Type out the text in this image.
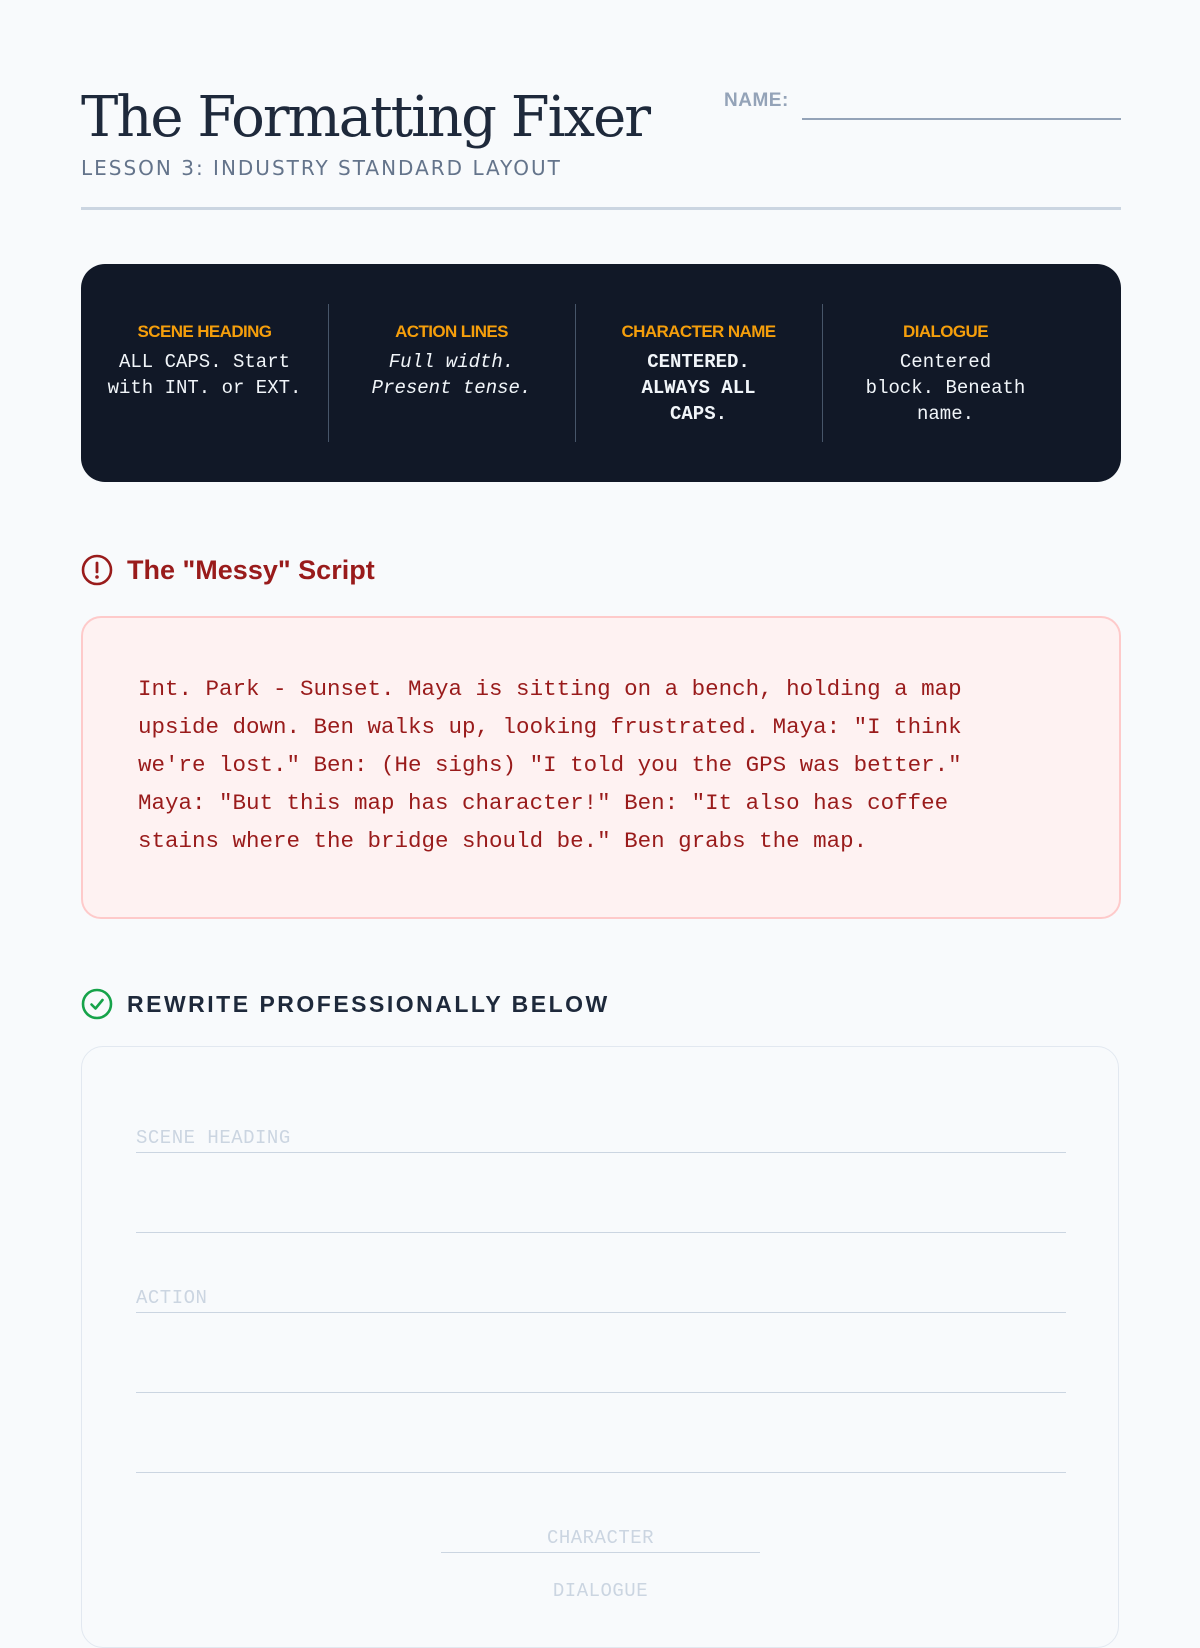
The Formatting Fixer
LESSON 3: INDUSTRY STANDARD LAYOUT
NAME:
SCENE HEADING
ALL CAPS. Start with INT. or EXT.
ACTION LINES
Full width. Present tense.
CHARACTER NAME
CENTERED. ALWAYS ALL CAPS.
DIALOGUE
Centered block. Beneath name.
The "Messy" Script
Int. Park - Sunset. Maya is sitting on a bench, holding a map upside down. Ben walks up, looking frustrated. Maya: "I think we're lost." Ben: (He sighs) "I told you the GPS was better." Maya: "But this map has character!" Ben: "It also has coffee stains where the bridge should be." Ben grabs the map.
REWRITE PROFESSIONALLY BELOW
SCENE HEADING
ACTION
CHARACTER
DIALOGUE
